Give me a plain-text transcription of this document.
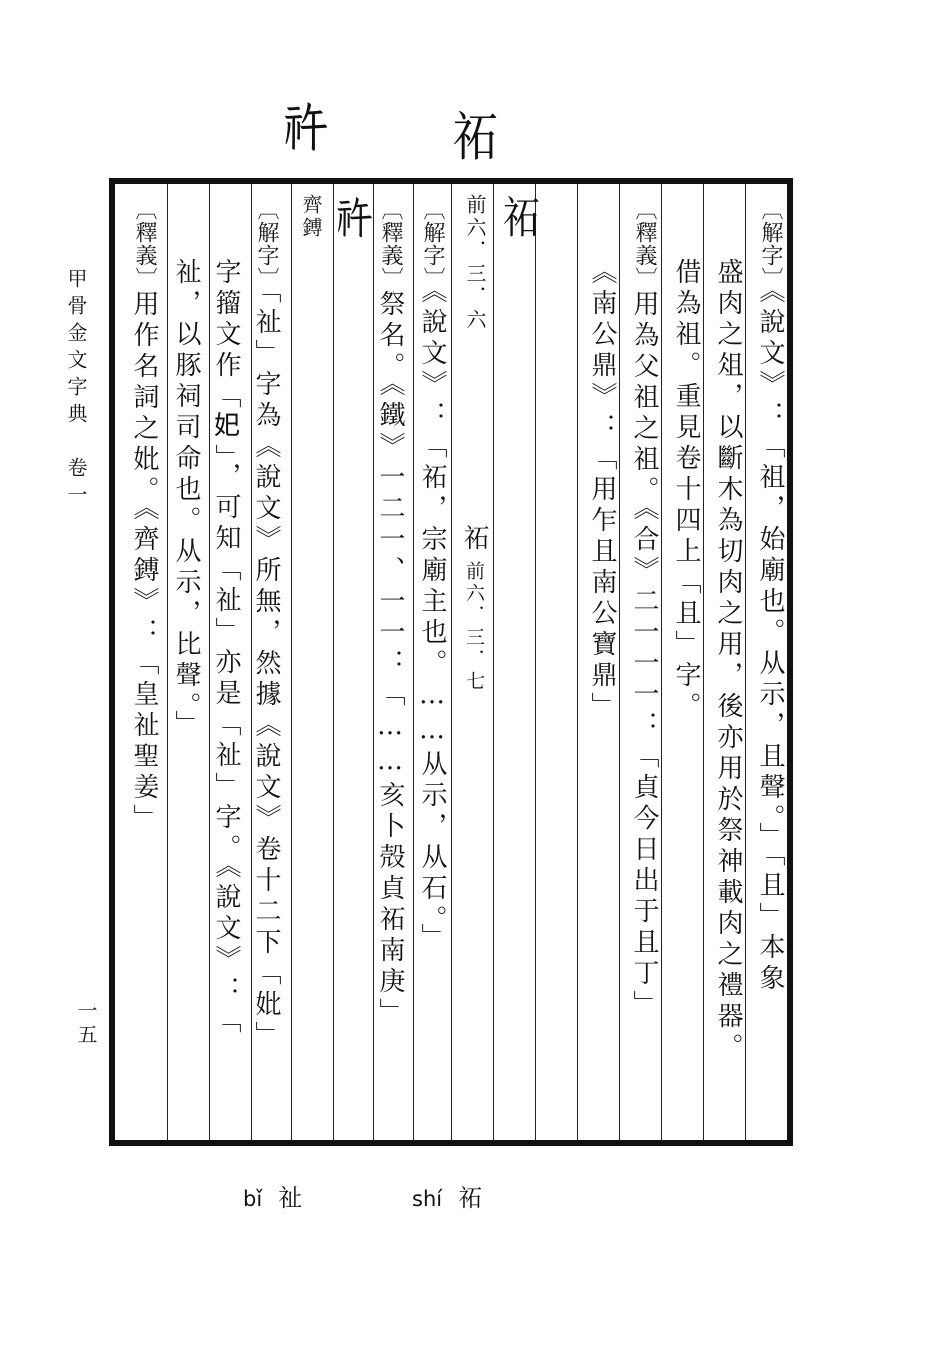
甲骨金文字典　卷一
一五
𥘪	祏
〔解字〕《說文》：「祖，始廟也。从示，且聲。」「且」本象
盛肉之俎，以斷木為切肉之用，後亦用於祭神載肉之禮器。
借為祖。重見卷十四上「且」字。
〔釋義〕用為父祖之祖。《合》二一一一：「貞今日出于且丁」
《南公鼎》：「用乍且南公寶鼎」
祏
前六．三．六
祏前六．三．七
〔解字〕《說文》：「祏，宗廟主也。……从示，从石。」
〔釋義〕祭名。《鐵》一二一、一一：「……亥卜殻貞祏南庚」
𥘪
齊鎛
〔解字〕「祉」字為《說文》所無，然據《說文》卷十二下「妣」
字籀文作「𡚱」，可知「祉」亦是「祉」字。《說文》：「
祉，以豚祠司命也。从示，比聲。」
〔釋義〕用作名詞之妣。《齊鎛》：「皇祉聖姜」
bǐ 祉	shí 祏
